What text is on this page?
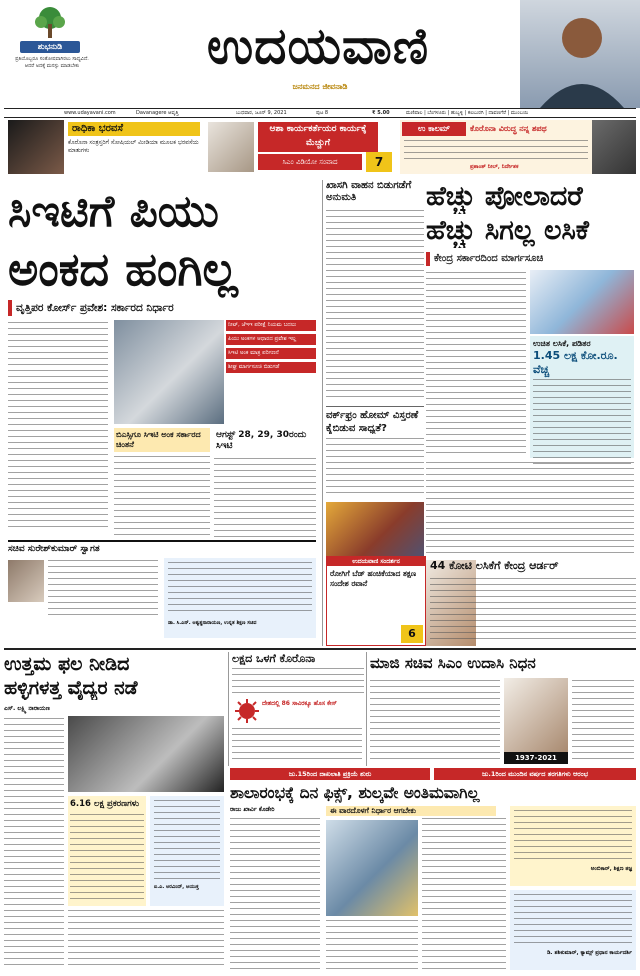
ಶುಭನುಡಿ
ಪ್ರತಿಯೊಬ್ಬರೂ ಸಂತೋಷವಾಗಿರಲು ಸಾಧ್ಯವಿದೆ.
ಆದರೆ ಅದಕ್ಕೆ ಮನಸ್ಸು ಮಾಡಬೇಕು	ಉದಯವಾಣಿ
ಜನಮನದ ಜೀವನಾಡಿ
www.udayavani.com	Davanagere ಆವೃತ್ತಿ	ಬುಧವಾರ, ಜೂನ್ 9, 2021	ಪುಟ 8	₹ 5.00	ಮಣಿಪಾಲ | ಬೆಂಗಳೂರು | ಹುಬ್ಬಳ್ಳಿ | ಕಲಬುರಗಿ | ದಾವಣಗೆರೆ | ಮುಂಬಯಿ
ರಾಧಿಕಾ ಭರವಸೆ
ಕೊರೊನಾ ಸಂತ್ರಸ್ತರಿಗೆ ಸೋಷಿಯಲ್ ಮೀಡಿಯಾ ಮೂಲಕ ಭರವಸೆಯ ಮಾತುಗಳು
ಆಶಾ ಕಾರ್ಯಕರ್ತೆಯರ ಕಾರ್ಯಕ್ಕೆ ಮೆಚ್ಚುಗೆ
ಸಿಎಂ ವಿಡಿಯೋ ಸಂವಾದ	7
ಉ ಕಾಲಮ್	ಕೊರೊನಾ ವಿರುದ್ಧ ನನ್ನ ಶಪಥ
ಪ್ರಶಾಂತ್ ನೀಲ್, ನಿರ್ದೇಶಕ
ಸಿಇಟಿಗೆ ಪಿಯು
ಅಂಕದ ಹಂಗಿಲ್ಲ
ವೃತ್ತಿಪರ ಕೋರ್ಸ್ ಪ್ರವೇಶ: ಸರ್ಕಾರದ ನಿರ್ಧಾರ
ನೀಟ್, ಜೆಇಇ ಪರೀಕ್ಷೆ ನಿಯಮ ಬದಲು
ಪಿಯು ಅಂಕಗಳ ಆಧಾರದ ಪ್ರವೇಶ ಇಲ್ಲ
ಸಿಇಟಿ ಅಂಕ ಮಾತ್ರ ಪರಿಗಣನೆ
ಶೀಘ್ರ ಮಾರ್ಗಸೂಚಿ ಬಿಡುಗಡೆ
ಬಿಎಸ್ಸಿಗೂ ಸಿಇಟಿ ಅಂಕ ಸರ್ಕಾರದ ಚಿಂತನೆ
ಆಗಸ್ಟ್ 28, 29, 30ರಂದು ಸಿಇಟಿ
ಸಚಿವ ಸುರೇಶ್‌ಕುಮಾರ್ ಸ್ವಾಗತ
ಡಾ. ಸಿ.ಎನ್. ಅಶ್ವತ್ಥನಾರಾಯಣ, ಉನ್ನತ ಶಿಕ್ಷಣ ಸಚಿವ
ಖಾಸಗಿ ವಾಹನ ಬಿಡುಗಡೆಗೆ ಅನುಮತಿ
ವರ್ಕ್‌ಫ್ರಂ ಹೋಮ್ ವಿಸ್ತರಣೆ ಕೈಬಿಡುವ ಸಾಧ್ಯತೆ?
ಉದಯವಾಣಿ ಸಂದರ್ಶನ
ರೋಗಿಗೆ ಬೆಡ್ ಹಂಚಿಕೆಯಾದ ತಕ್ಷಣ ಸಂದೇಶ ರವಾನೆ
6
ಹೆಚ್ಚು ಪೋಲಾದರೆ
ಹೆಚ್ಚು ಸಿಗಲ್ಲ ಲಸಿಕೆ
ಕೇಂದ್ರ ಸರ್ಕಾರದಿಂದ ಮಾರ್ಗಸೂಚಿ
ಉಚಿತ ಲಸಿಕೆ, ಪಡಿತರ
1.45 ಲಕ್ಷ ಕೋ.ರೂ. ವೆಚ್ಚ
44 ಕೋಟಿ ಲಸಿಕೆಗೆ ಕೇಂದ್ರ ಆರ್ಡರ್
ಉತ್ತಮ ಫಲ ನೀಡಿದ
ಹಳ್ಳಿಗಳತ್ತ ವೈದ್ಯರ ನಡೆ
ಎಸ್. ಲಕ್ಷ್ಮಿ ನಾರಾಯಣ
6.16 ಲಕ್ಷ ಪ್ರಕರಣಗಳು
ಐ.ಎ. ಅರವಿಂದ್, ಆಯುಕ್ತ
ಲಕ್ಷದ ಒಳಗೆ ಕೊರೊನಾ
ದೇಶದಲ್ಲಿ 86 ಸಾವಿರಕ್ಕೂ ಹೊಸ ಕೇಸ್
ಮಾಜಿ ಸಚಿವ ಸಿಎಂ ಉದಾಸಿ ನಿಧನ
1937-2021
ಜು.15ರಿಂದ ದಾಖಲಾತಿ ಪ್ರಕ್ರಿಯೆ ಶುರು	ಜು.1ರಿಂದ ಮುಂದಿನ ವರ್ಷದ ತರಗತಿಗಳು ಆರಂಭ
ಶಾಲಾರಂಭಕ್ಕೆ ದಿನ ಫಿಕ್ಸ್, ಶುಲ್ಕವೇ ಅಂತಿಮವಾಗಿಲ್ಲ
ರಾಜು ಖಾರ್ವಿ ಕೊಡೇರಿ	ಈ ವಾರದೊಳಗೆ ನಿರ್ಧಾರ ಆಗಬೇಕು
ಅಂಬಿಕಾರ್, ಶಿಕ್ಷಣ ತಜ್ಞ
ಡಿ. ಶಶಿಕುಮಾರ್, ಕ್ಯಾಮ್ಸ್ ಪ್ರಧಾನ ಕಾರ್ಯದರ್ಶಿ
